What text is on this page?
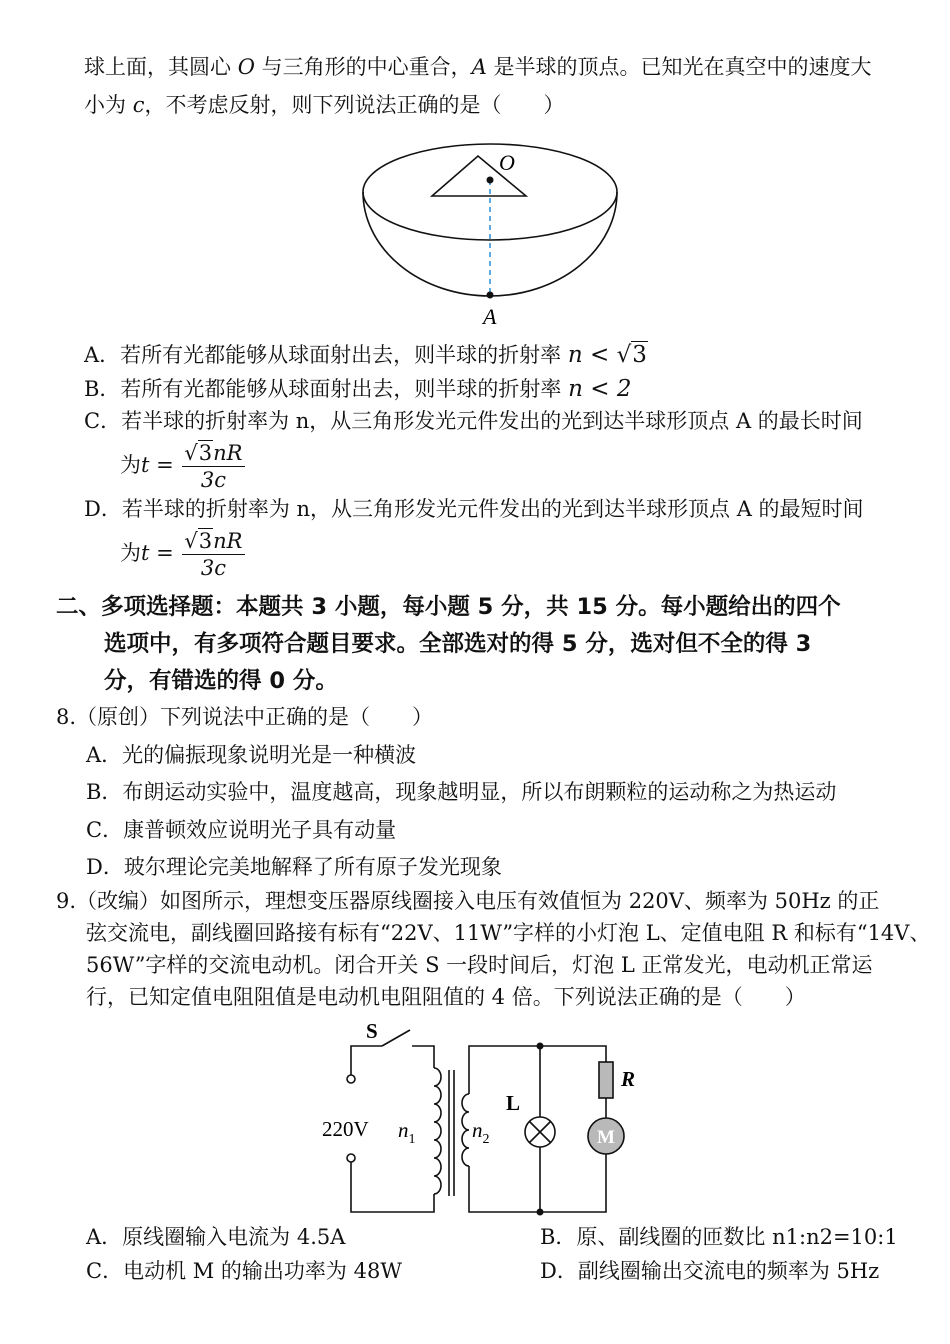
球上面，其圆心 O 与三角形的中心重合，A 是半球的顶点。已知光在真空中的速度大
小为 c，不考虑反射，则下列说法正确的是（　　）
O
A
A．若所有光都能够从球面射出去，则半球的折射率 n < √3
B．若所有光都能够从球面射出去，则半球的折射率 n < 2
C．若半球的折射率为 n，从三角形发光元件发出的光到达半球形顶点 A 的最长时间
为$t = \frac{√3nR}{3c}$
D．若半球的折射率为 n，从三角形发光元件发出的光到达半球形顶点 A 的最短时间
为$t = \frac{√3nR}{3c}$
二、多项选择题：本题共 3 小题，每小题 5 分，共 15 分。每小题给出的四个
选项中，有多项符合题目要求。全部选对的得 5 分，选对但不全的得 3
分，有错选的得 0 分。
8.（原创）下列说法中正确的是（　　）
A．光的偏振现象说明光是一种横波
B．布朗运动实验中，温度越高，现象越明显，所以布朗颗粒的运动称之为热运动
C．康普顿效应说明光子具有动量
D．玻尔理论完美地解释了所有原子发光现象
9.（改编）如图所示，理想变压器原线圈接入电压有效值恒为 220V、频率为 50Hz 的正
弦交流电，副线圈回路接有标有“22V、11W”字样的小灯泡 L、定值电阻 R 和标有“14V、
56W”字样的交流电动机。闭合开关 S 一段时间后，灯泡 L 正常发光，电动机正常运
行，已知定值电阻阻值是电动机电阻阻值的 4 倍。下列说法正确的是（　　）
S
220V $n_1$	$n_2$
L
R
M
A．原线圈输入电流为 4.5A	B．原、副线圈的匝数比 n1:n2=10:1
C．电动机 M 的输出功率为 48W	D．副线圈输出交流电的频率为 5Hz
